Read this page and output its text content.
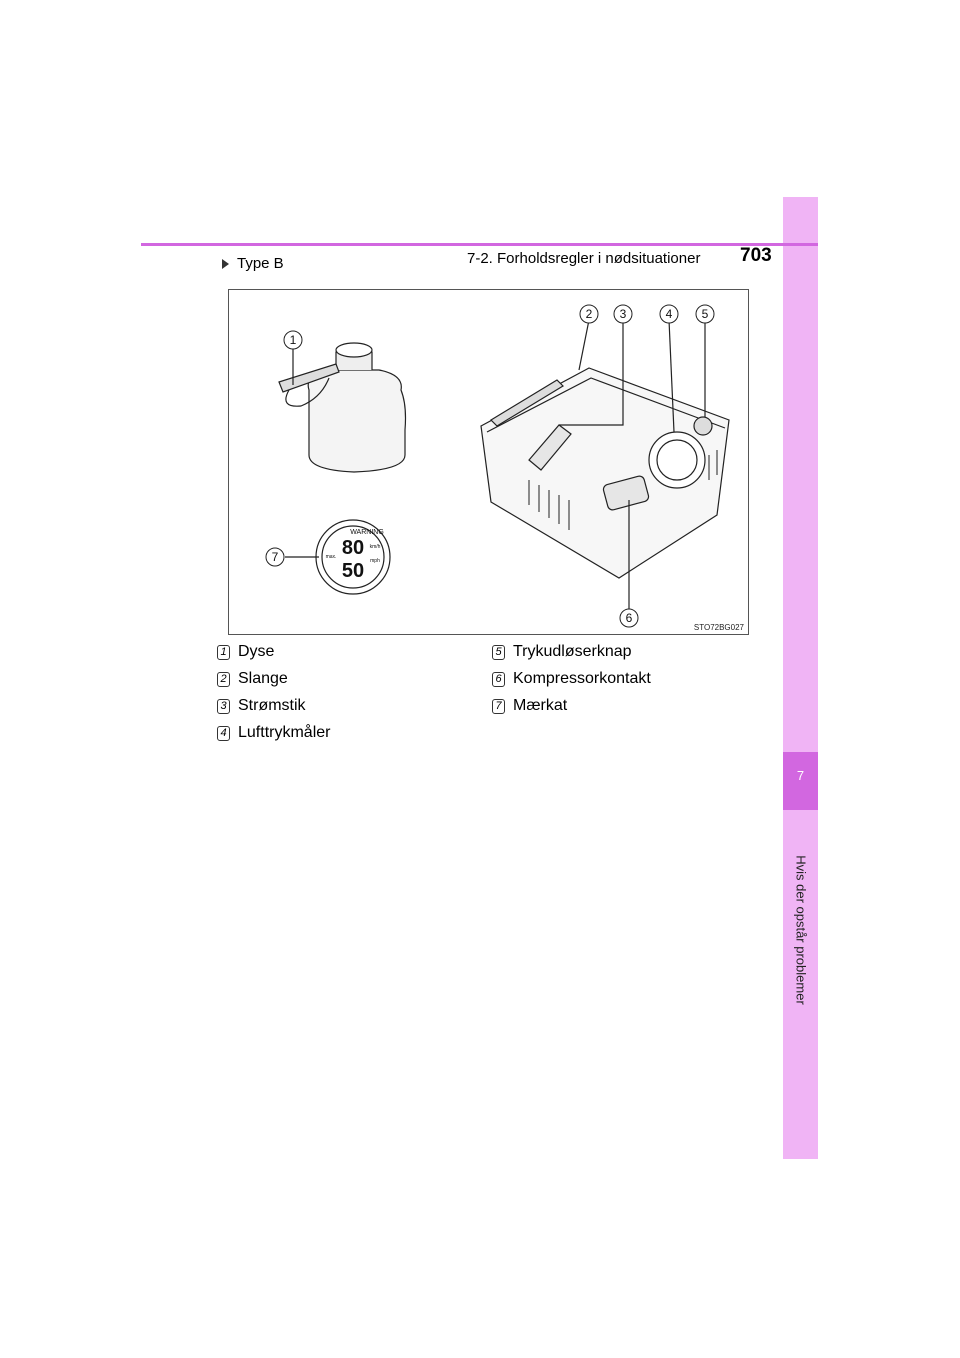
7
Hvis der opstår problemer
7-2. Forholdsregler i nødsituationer 703
Type B
80
50
WARNING
km/h
mph
max.
1
2 3	4 5
6
7
STO72BG027
1 Dyse
2 Slange
3 Strømstik
4 Lufttrykmåler
5 Trykudløserknap
6 Kompressorkontakt
7 Mærkat
